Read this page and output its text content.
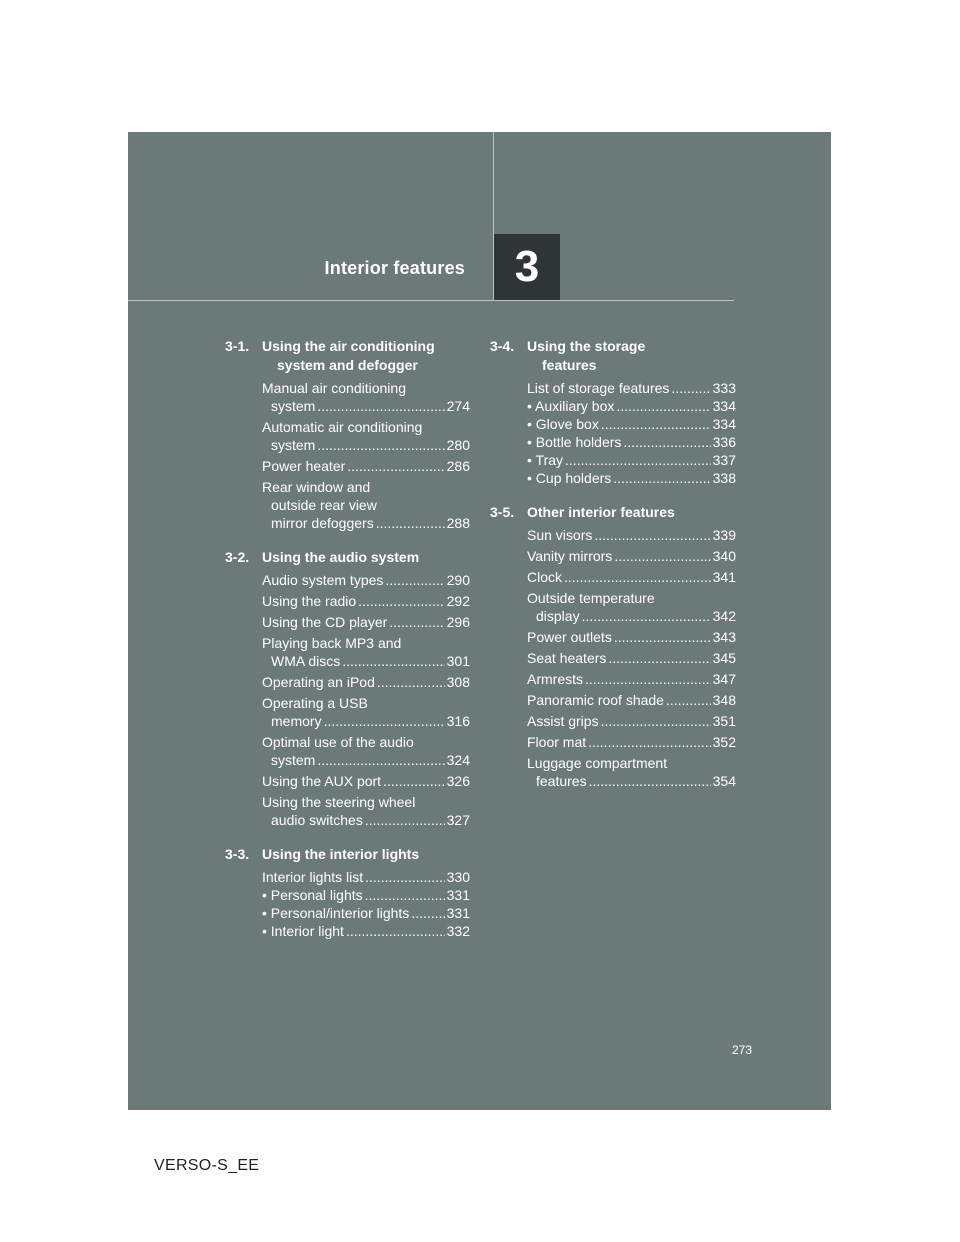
Interior features 3
3-1. Using the air conditioning
system and defogger
Manual air conditioning
system .....	274
Automatic air conditioning
system .....	280
Power heater .....	286
Rear window and
outside rear view
mirror defoggers .....	288
3-2. Using the audio system
Audio system types .....	290
Using the radio .....	292
Using the CD player .....	296
Playing back MP3 and
WMA discs .....	301
Operating an iPod .....	308
Operating a USB
memory .....	316
Optimal use of the audio
system .....	324
Using the AUX port .....	326
Using the steering wheel
audio switches .....	327
3-3. Using the interior lights
Interior lights list .....	330
• Personal lights .....	331
• Personal/interior lights .....	331
• Interior light .....	332
3-4. Using the storage
features
List of storage features .....	333
• Auxiliary box .....	334
• Glove box .....	334
• Bottle holders .....	336
• Tray .....	337
• Cup holders .....	338
3-5. Other interior features
Sun visors .....	339
Vanity mirrors .....	340
Clock .....	341
Outside temperature
display .....	342
Power outlets .....	343
Seat heaters .....	345
Armrests .....	347
Panoramic roof shade .....	348
Assist grips .....	351
Floor mat .....	352
Luggage compartment
features .....	354
273
VERSO-S_EE
